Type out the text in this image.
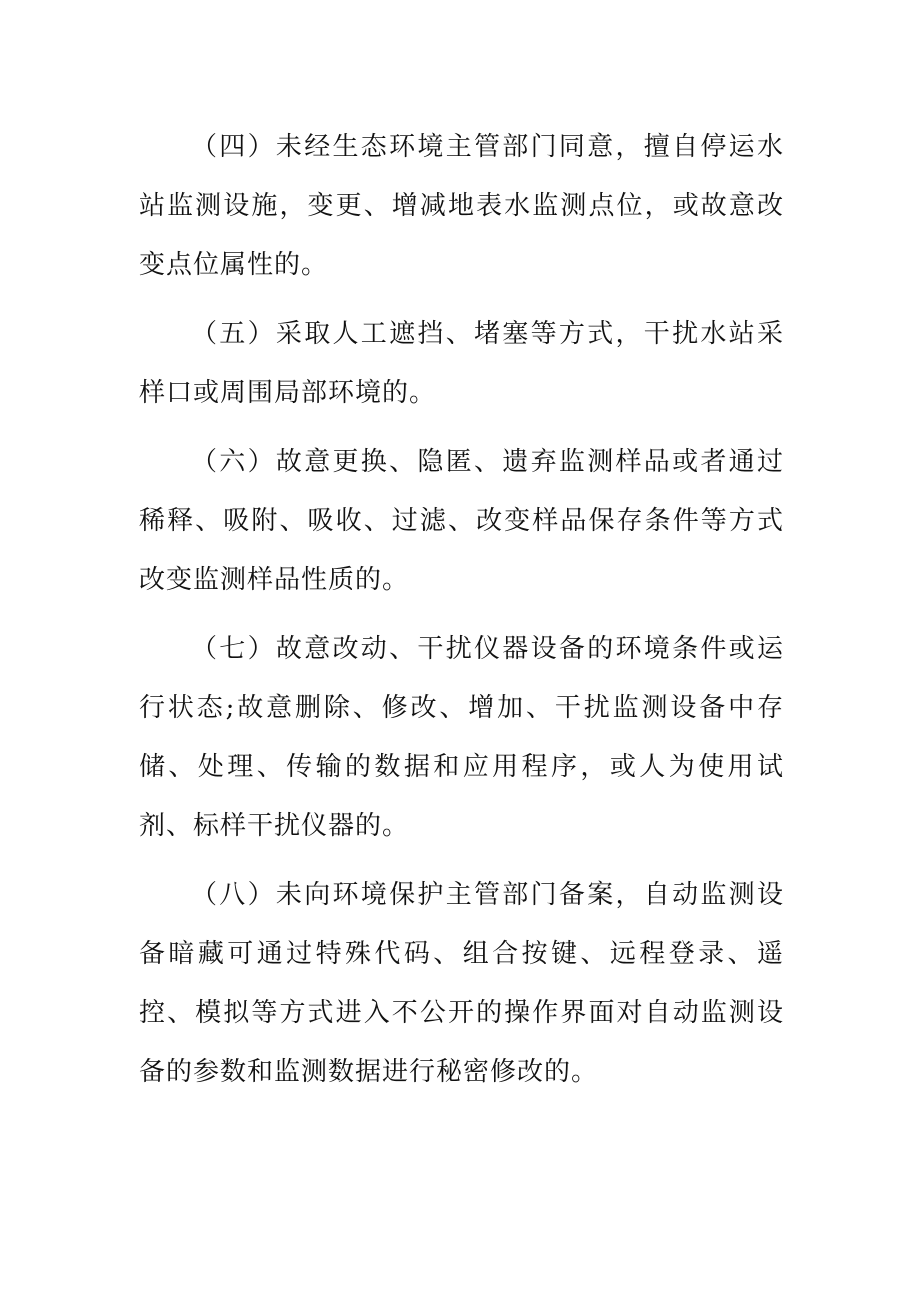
（四）未经生态环境主管部门同意，擅自停运水站监测设施，变更、增减地表水监测点位，或故意改变点位属性的。

（五）采取人工遮挡、堵塞等方式，干扰水站采样口或周围局部环境的。

（六）故意更换、隐匿、遗弃监测样品或者通过稀释、吸附、吸收、过滤、改变样品保存条件等方式改变监测样品性质的。

（七）故意改动、干扰仪器设备的环境条件或运行状态;故意删除、修改、增加、干扰监测设备中存储、处理、传输的数据和应用程序，或人为使用试剂、标样干扰仪器的。

（八）未向环境保护主管部门备案，自动监测设备暗藏可通过特殊代码、组合按键、远程登录、遥控、模拟等方式进入不公开的操作界面对自动监测设备的参数和监测数据进行秘密修改的。
